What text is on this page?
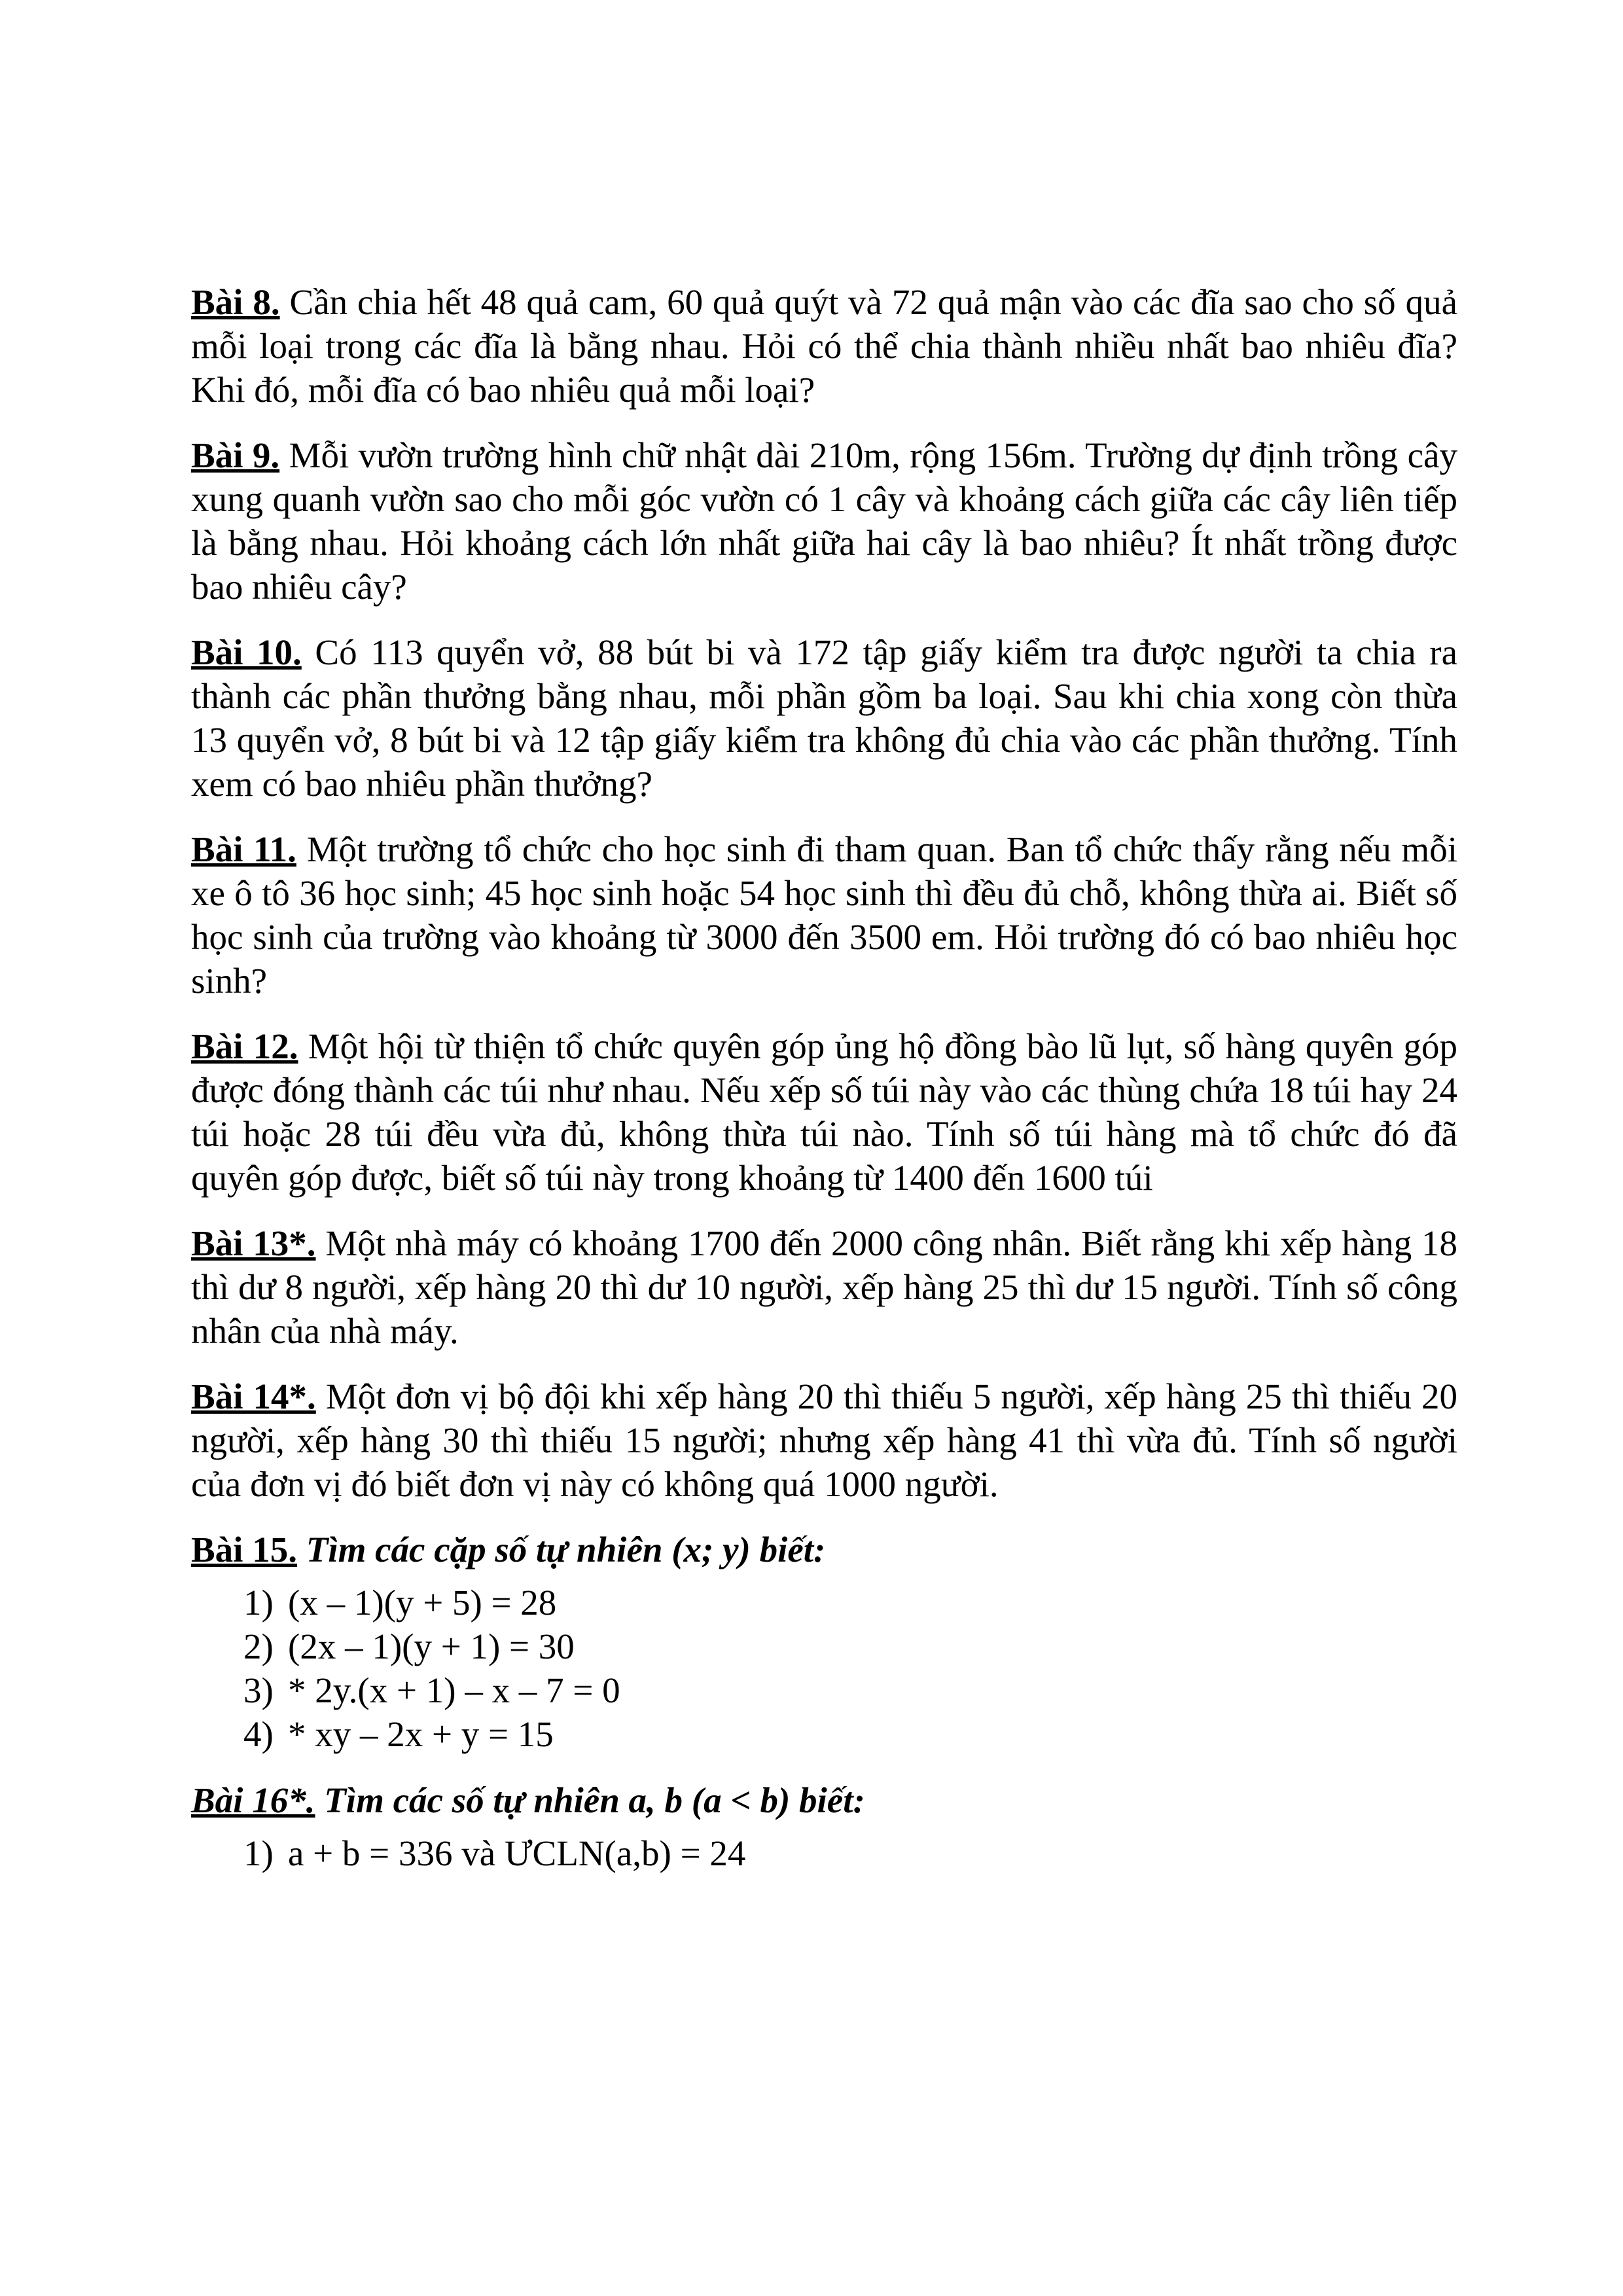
Bài 8. Cần chia hết 48 quả cam, 60 quả quýt và 72 quả mận vào các đĩa sao cho số quả mỗi loại trong các đĩa là bằng nhau. Hỏi có thể chia thành nhiều nhất bao nhiêu đĩa? Khi đó, mỗi đĩa có bao nhiêu quả mỗi loại?

Bài 9. Mỗi vườn trường hình chữ nhật dài 210m, rộng 156m. Trường dự định trồng cây xung quanh vườn sao cho mỗi góc vườn có 1 cây và khoảng cách giữa các cây liên tiếp là bằng nhau. Hỏi khoảng cách lớn nhất giữa hai cây là bao nhiêu? Ít nhất trồng được bao nhiêu cây?

Bài 10. Có 113 quyển vở, 88 bút bi và 172 tập giấy kiểm tra được người ta chia ra thành các phần thưởng bằng nhau, mỗi phần gồm ba loại. Sau khi chia xong còn thừa 13 quyển vở, 8 bút bi và 12 tập giấy kiểm tra không đủ chia vào các phần thưởng. Tính xem có bao nhiêu phần thưởng?

Bài 11. Một trường tổ chức cho học sinh đi tham quan. Ban tổ chức thấy rằng nếu mỗi xe ô tô 36 học sinh; 45 học sinh hoặc 54 học sinh thì đều đủ chỗ, không thừa ai. Biết số học sinh của trường vào khoảng từ 3000 đến 3500 em. Hỏi trường đó có bao nhiêu học sinh?

Bài 12. Một hội từ thiện tổ chức quyên góp ủng hộ đồng bào lũ lụt, số hàng quyên góp được đóng thành các túi như nhau. Nếu xếp số túi này vào các thùng chứa 18 túi hay 24 túi hoặc 28 túi đều vừa đủ, không thừa túi nào. Tính số túi hàng mà tổ chức đó đã quyên góp được, biết số túi này trong khoảng từ 1400 đến 1600 túi

Bài 13*. Một nhà máy có khoảng 1700 đến 2000 công nhân. Biết rằng khi xếp hàng 18 thì dư 8 người, xếp hàng 20 thì dư 10 người, xếp hàng 25 thì dư 15 người. Tính số công nhân của nhà máy.

Bài 14*. Một đơn vị bộ đội khi xếp hàng 20 thì thiếu 5 người, xếp hàng 25 thì thiếu 20 người, xếp hàng 30 thì thiếu 15 người; nhưng xếp hàng 41 thì vừa đủ. Tính số người của đơn vị đó biết đơn vị này có không quá 1000 người.

Bài 15. Tìm các cặp số tự nhiên (x; y) biết:

1) (x – 1)(y + 5) = 28
2) (2x – 1)(y + 1) = 30
3) * 2y.(x + 1) – x – 7 = 0
4) * xy – 2x + y = 15

Bài 16*. Tìm các số tự nhiên a, b (a < b) biết:

1) a + b = 336 và ƯCLN(a,b) = 24
